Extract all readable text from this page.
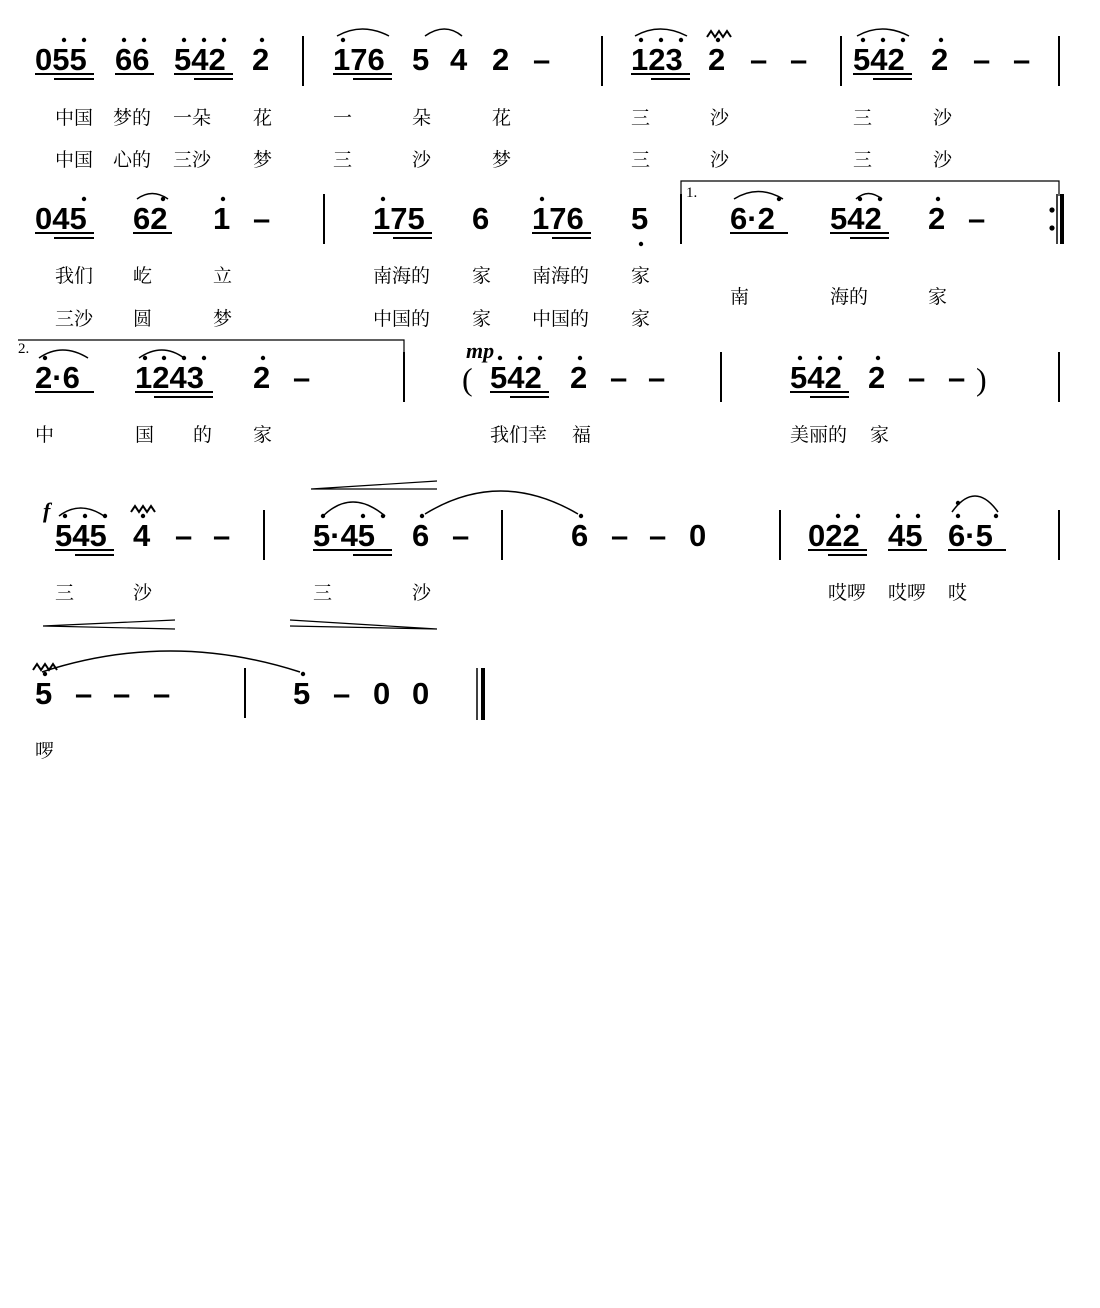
055 66 542 2 176 5 4 2 –	123 2 – – 542 2 – –
045 62 1 –	175 6 176 5	6·2 542 2 –
2·6 1243 2 –	542 2 – –	542 2 – –
545 4 – –	5·45 6 –	6 – – 0	022 45 6·5
5 – – –	5 – 0 0
中国 梦的 一朵 花	一	朵	花	三	沙	三	沙
中国 心的 三沙 梦	三	沙	梦	三	沙	三	沙
我们 屹	立	南海的 家 南海的 家
三沙 圆	梦	中国的 家 中国的 家
南	海的	家
中	国 的 家	我们幸 福	美丽的 家
三	沙	三	沙	哎啰 哎啰 哎
啰
1.
2.	mp
f
(	)
